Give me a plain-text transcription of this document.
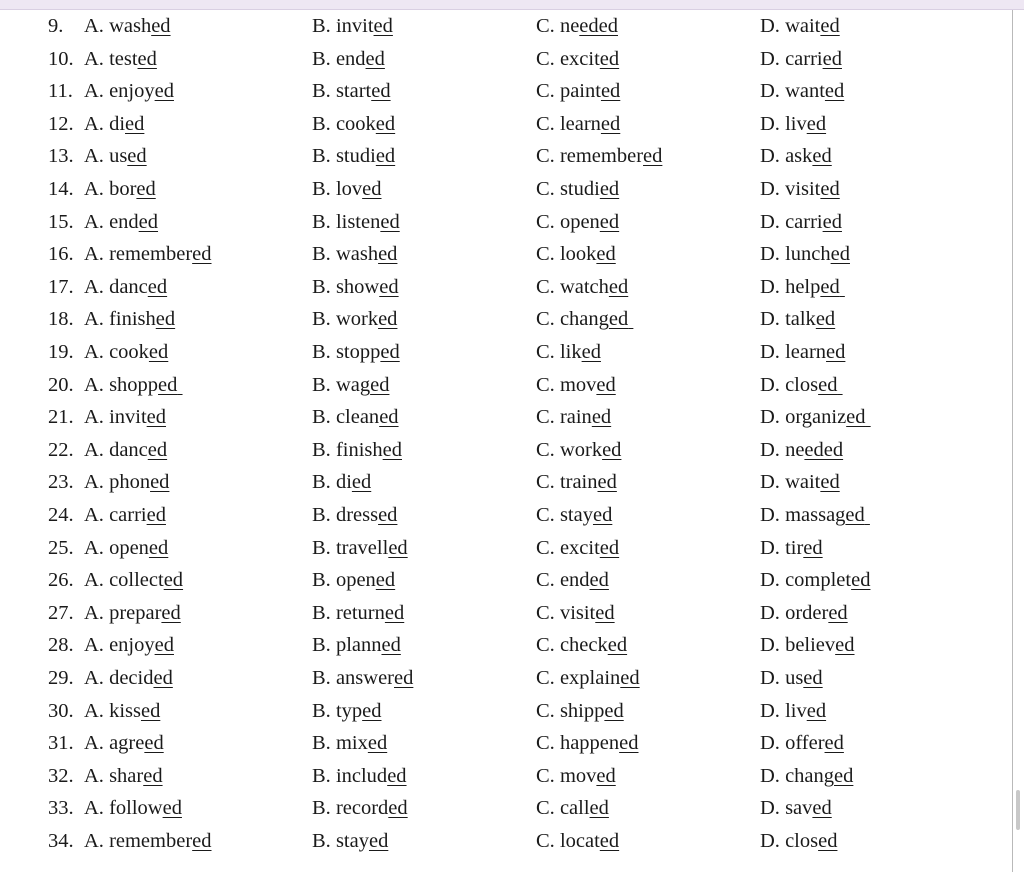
9. A. washed	B. invited	C. needed	D. waited
10. A. tested	B. ended	C. excited	D. carried
11. A. enjoyed	B. started	C. painted	D. wanted
12. A. died	B. cooked	C. learned	D. lived
13. A. used	B. studied	C. remembered	D. asked
14. A. bored	B. loved	C. studied	D. visited
15. A. ended	B. listened	C. opened	D. carried
16. A. remembered	B. washed	C. looked	D. lunched
17. A. danced	B. showed	C. watched	D. helped
18. A. finished	B. worked	C. changed	D. talked
19. A. cooked	B. stopped	C. liked	D. learned
20. A. shopped	B. waged	C. moved	D. closed
21. A. invited	B. cleaned	C. rained	D. organized
22. A. danced	B. finished	C. worked	D. needed
23. A. phoned	B. died	C. trained	D. waited
24. A. carried	B. dressed	C. stayed	D. massaged
25. A. opened	B. travelled	C. excited	D. tired
26. A. collected	B. opened	C. ended	D. completed
27. A. prepared	B. returned	C. visited	D. ordered
28. A. enjoyed	B. planned	C. checked	D. believed
29. A. decided	B. answered	C. explained	D. used
30. A. kissed	B. typed	C. shipped	D. lived
31. A. agreed	B. mixed	C. happened	D. offered
32. A. shared	B. included	C. moved	D. changed
33. A. followed	B. recorded	C. called	D. saved
34. A. remembered	B. stayed	C. located	D. closed
